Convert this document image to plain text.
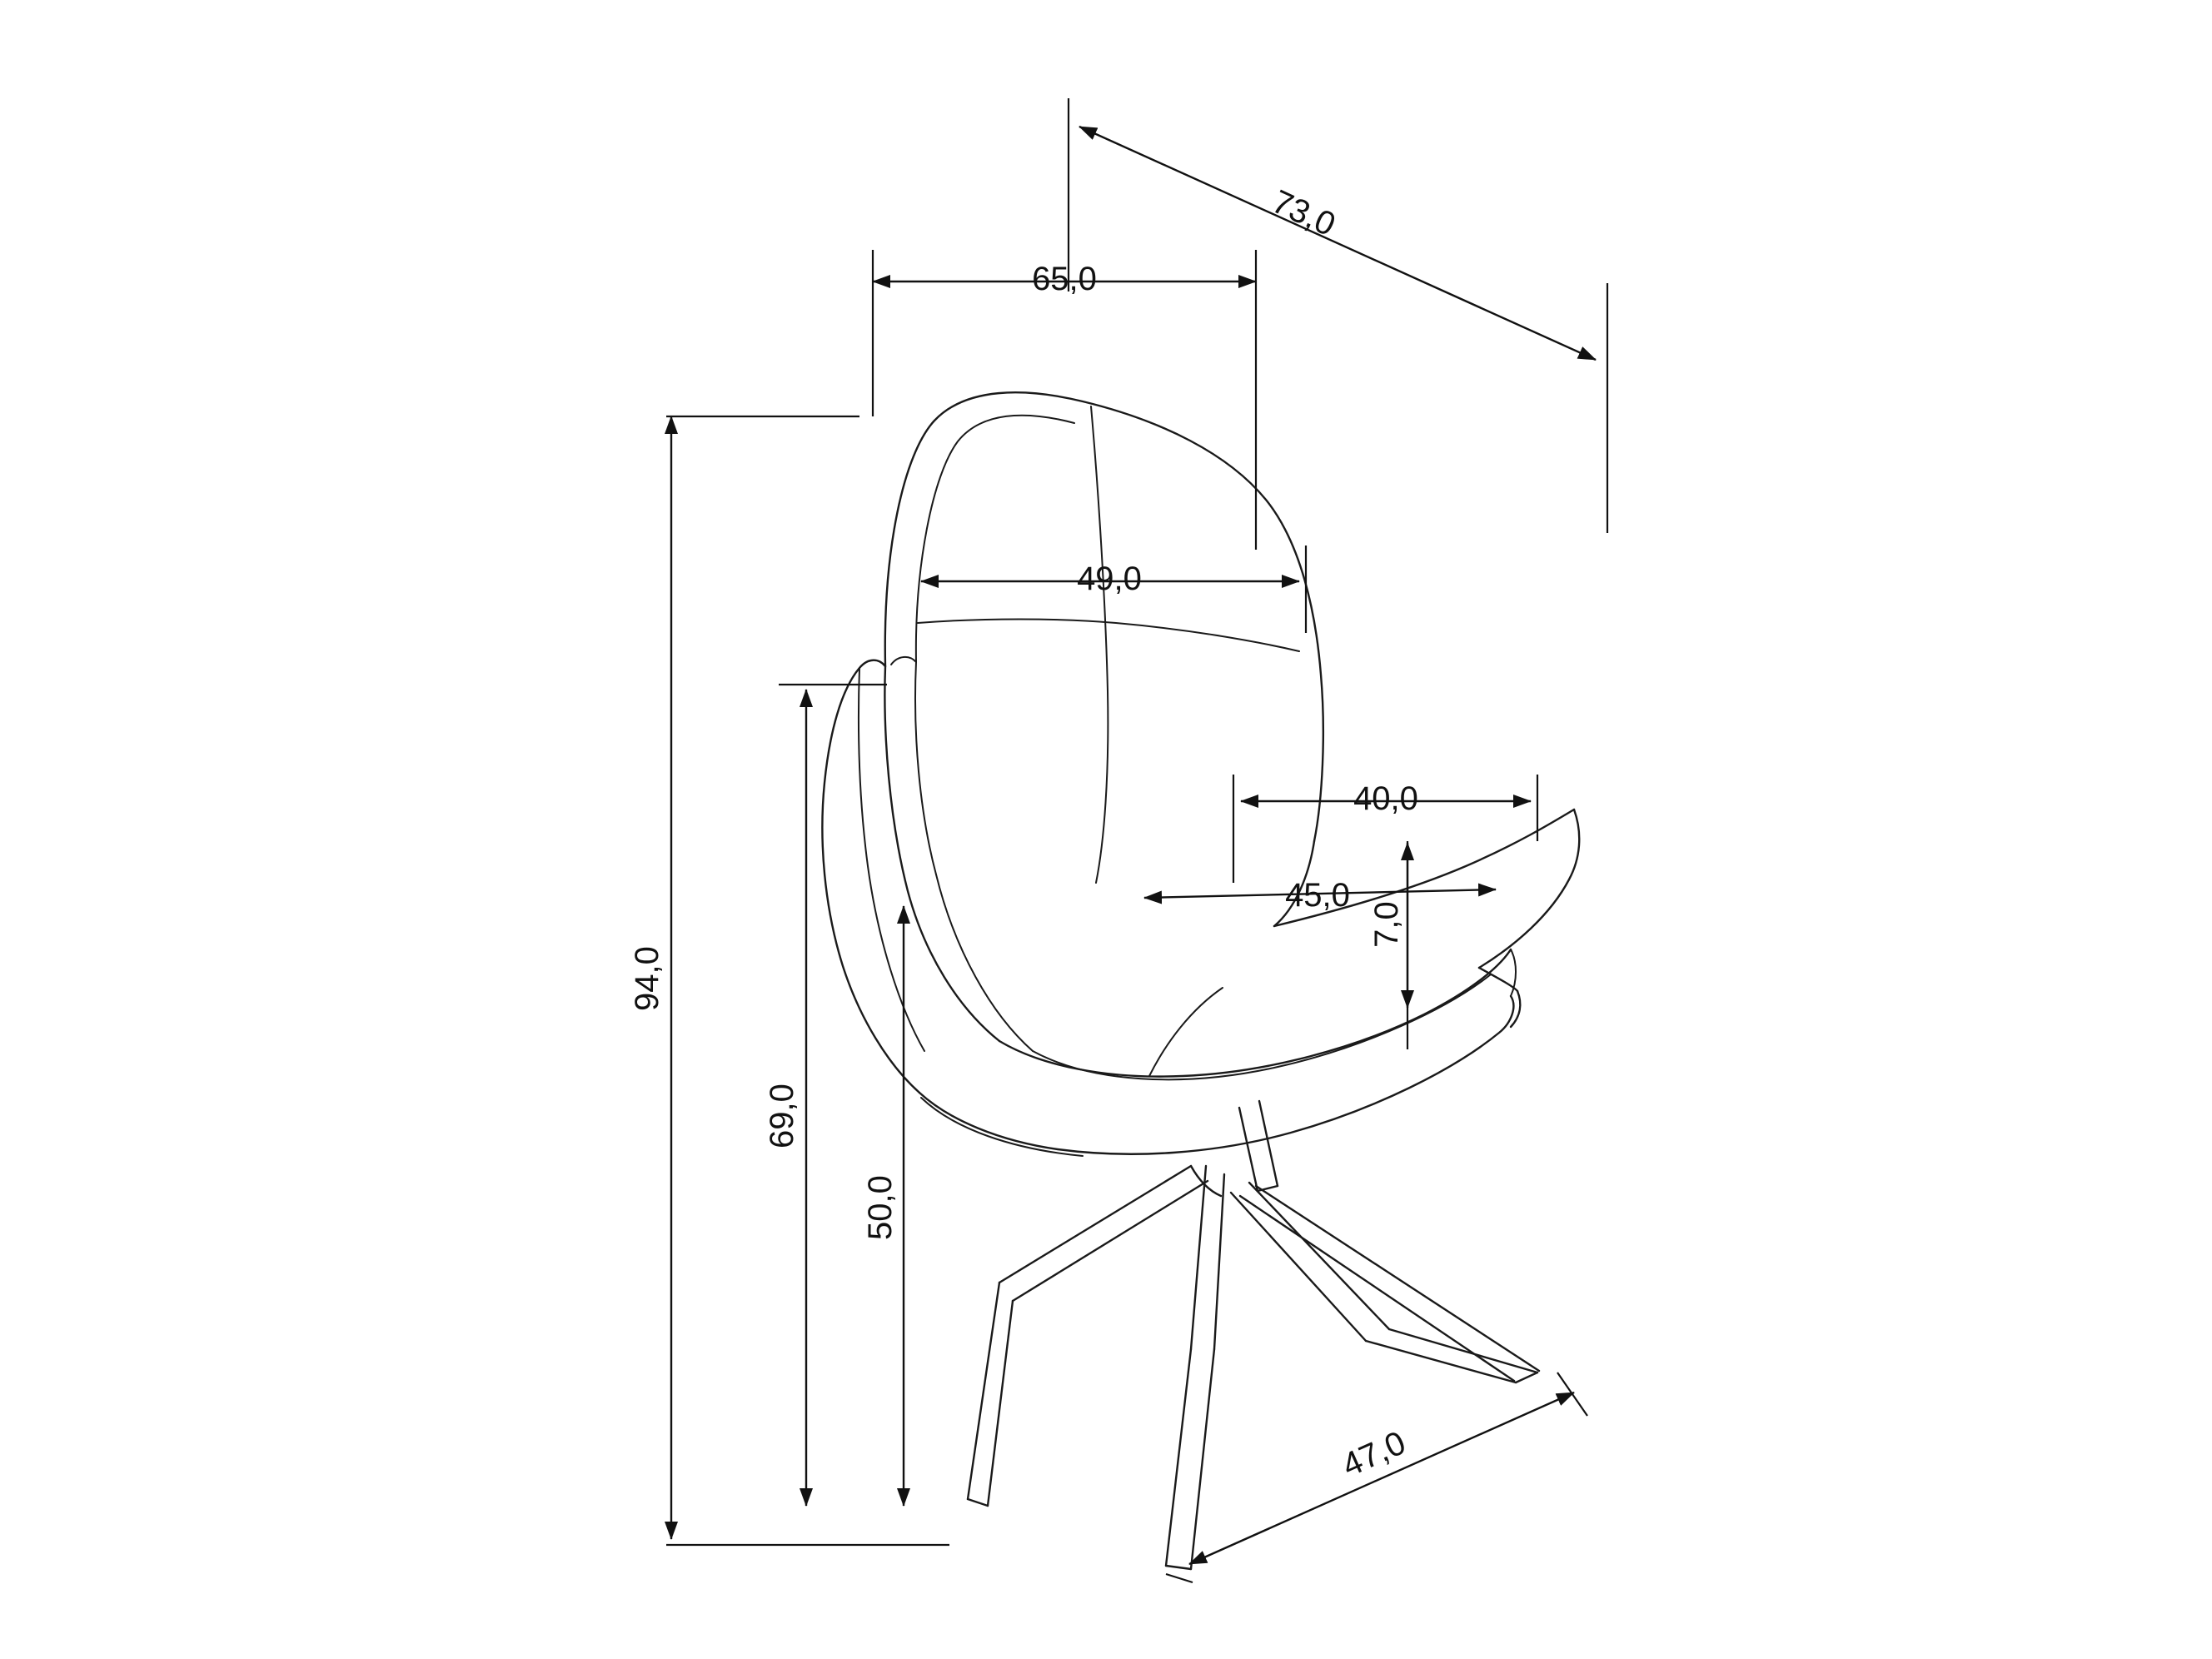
73,0
65,0
49,0
40,0
45,0
7,0
94,0
69,0
50,0
47,0
